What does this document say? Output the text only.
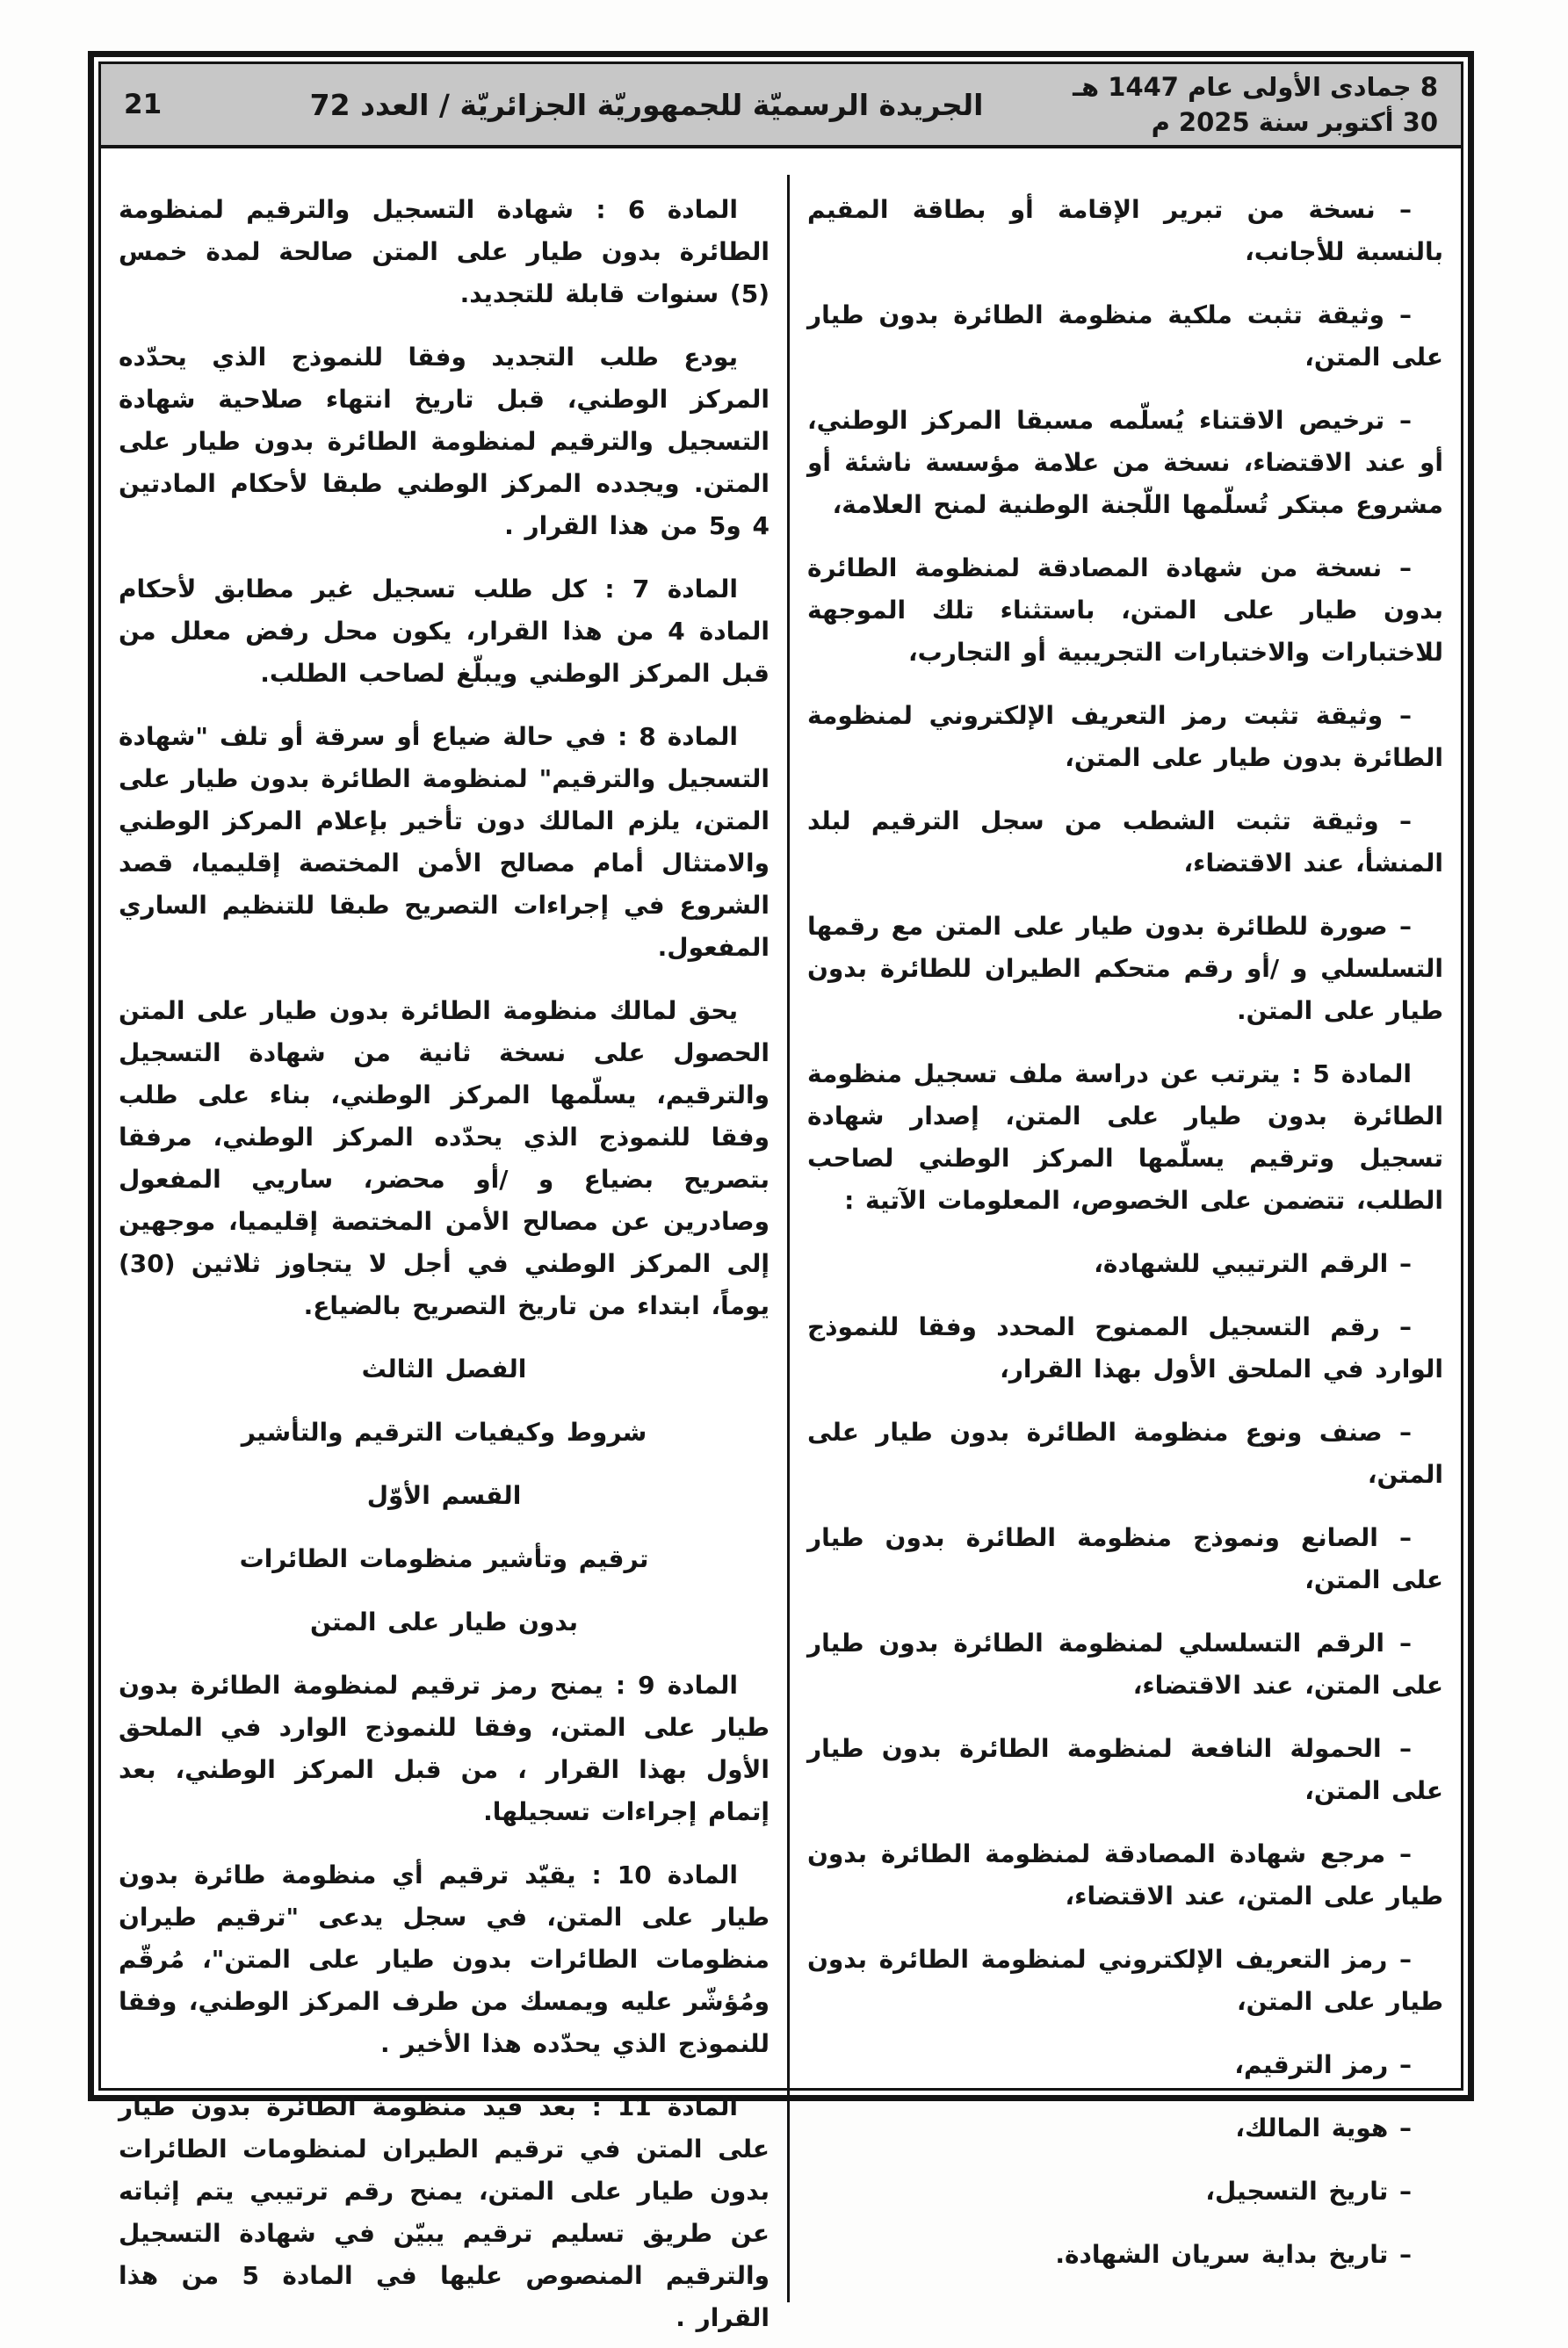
8 جمادى الأولى عام 1447 هـ
30 أكتوبر سنة 2025 م
الجريدة الرسميّة للجمهوريّة الجزائريّة / العدد 72
21

– نسخة من تبرير الإقامة أو بطاقة المقيم بالنسبة للأجانب،

– وثيقة تثبت ملكية منظومة الطائرة بدون طيار على المتن،

– ترخيص الاقتناء يُسلّمه مسبقا المركز الوطني، أو عند الاقتضاء، نسخة من علامة مؤسسة ناشئة أو مشروع مبتكر تُسلّمها اللّجنة الوطنية لمنح العلامة،

– نسخة من شهادة المصادقة لمنظومة الطائرة بدون طيار على المتن، باستثناء تلك الموجهة للاختبارات والاختبارات التجريبية أو التجارب،

– وثيقة تثبت رمز التعريف الإلكتروني لمنظومة الطائرة بدون طيار على المتن،

– وثيقة تثبت الشطب من سجل الترقيم لبلد المنشأ، عند الاقتضاء،

– صورة للطائرة بدون طيار على المتن مع رقمها التسلسلي و /أو رقم متحكم الطيران للطائرة بدون طيار على المتن.

المادة 5 : يترتب عن دراسة ملف تسجيل منظومة الطائرة بدون طيار على المتن، إصدار شهادة تسجيل وترقيم يسلّمها المركز الوطني لصاحب الطلب، تتضمن على الخصوص، المعلومات الآتية :

– الرقم الترتيبي للشهادة،

– رقم التسجيل الممنوح المحدد وفقا للنموذج الوارد في الملحق الأول بهذا القرار،

– صنف ونوع منظومة الطائرة بدون طيار على المتن،

– الصانع ونموذج منظومة الطائرة بدون طيار على المتن،

– الرقم التسلسلي لمنظومة الطائرة بدون طيار على المتن، عند الاقتضاء،

– الحمولة النافعة لمنظومة الطائرة بدون طيار على المتن،

– مرجع شهادة المصادقة لمنظومة الطائرة بدون طيار على المتن، عند الاقتضاء،

– رمز التعريف الإلكتروني لمنظومة الطائرة بدون طيار على المتن،

– رمز الترقيم،

– هوية المالك،

– تاريخ التسجيل،

– تاريخ بداية سريان الشهادة.

المادة 6 : شهادة التسجيل والترقيم لمنظومة الطائرة بدون طيار على المتن صالحة لمدة خمس (5) سنوات قابلة للتجديد.

يودع طلب التجديد وفقا للنموذج الذي يحدّده المركز الوطني، قبل تاريخ انتهاء صلاحية شهادة التسجيل والترقيم لمنظومة الطائرة بدون طيار على المتن. ويجدده المركز الوطني طبقا لأحكام المادتين 4 و5 من هذا القرار .

المادة 7 : كل طلب تسجيل غير مطابق لأحكام المادة 4 من هذا القرار، يكون محل رفض معلل من قبل المركز الوطني ويبلّغ لصاحب الطلب.

المادة 8 : في حالة ضياع أو سرقة أو تلف "شهادة التسجيل والترقيم" لمنظومة الطائرة بدون طيار على المتن، يلزم المالك دون تأخير بإعلام المركز الوطني والامتثال أمام مصالح الأمن المختصة إقليميا، قصد الشروع في إجراءات التصريح طبقا للتنظيم الساري المفعول.

يحق لمالك منظومة الطائرة بدون طيار على المتن الحصول على نسخة ثانية من شهادة التسجيل والترقيم، يسلّمها المركز الوطني، بناء على طلب وفقا للنموذج الذي يحدّده المركز الوطني، مرفقا بتصريح بضياع و /أو محضر، ساريي المفعول وصادرين عن مصالح الأمن المختصة إقليميا، موجهين إلى المركز الوطني في أجل لا يتجاوز ثلاثين (30) يوماً، ابتداء من تاريخ التصريح بالضياع.

الفصل الثالث

شروط وكيفيات الترقيم والتأشير

القسم الأوّل

ترقيم وتأشير منظومات الطائرات

بدون طيار على المتن

المادة 9 : يمنح رمز ترقيم لمنظومة الطائرة بدون طيار على المتن، وفقا للنموذج الوارد في الملحق الأول بهذا القرار ، من قبل المركز الوطني، بعد إتمام إجراءات تسجيلها.

المادة 10 : يقيّد ترقيم أي منظومة طائرة بدون طيار على المتن، في سجل يدعى "ترقيم طيران منظومات الطائرات بدون طيار على المتن"، مُرقّم ومُؤشّر عليه ويمسك من طرف المركز الوطني، وفقا للنموذج الذي يحدّده هذا الأخير .

المادة 11 : بعد قيد منظومة الطائرة بدون طيار على المتن في ترقيم الطيران لمنظومات الطائرات بدون طيار على المتن، يمنح رقم ترتيبي يتم إثباته عن طريق تسليم ترقيم يبيّن في شهادة التسجيل والترقيم المنصوص عليها في المادة 5 من هذا القرار .
